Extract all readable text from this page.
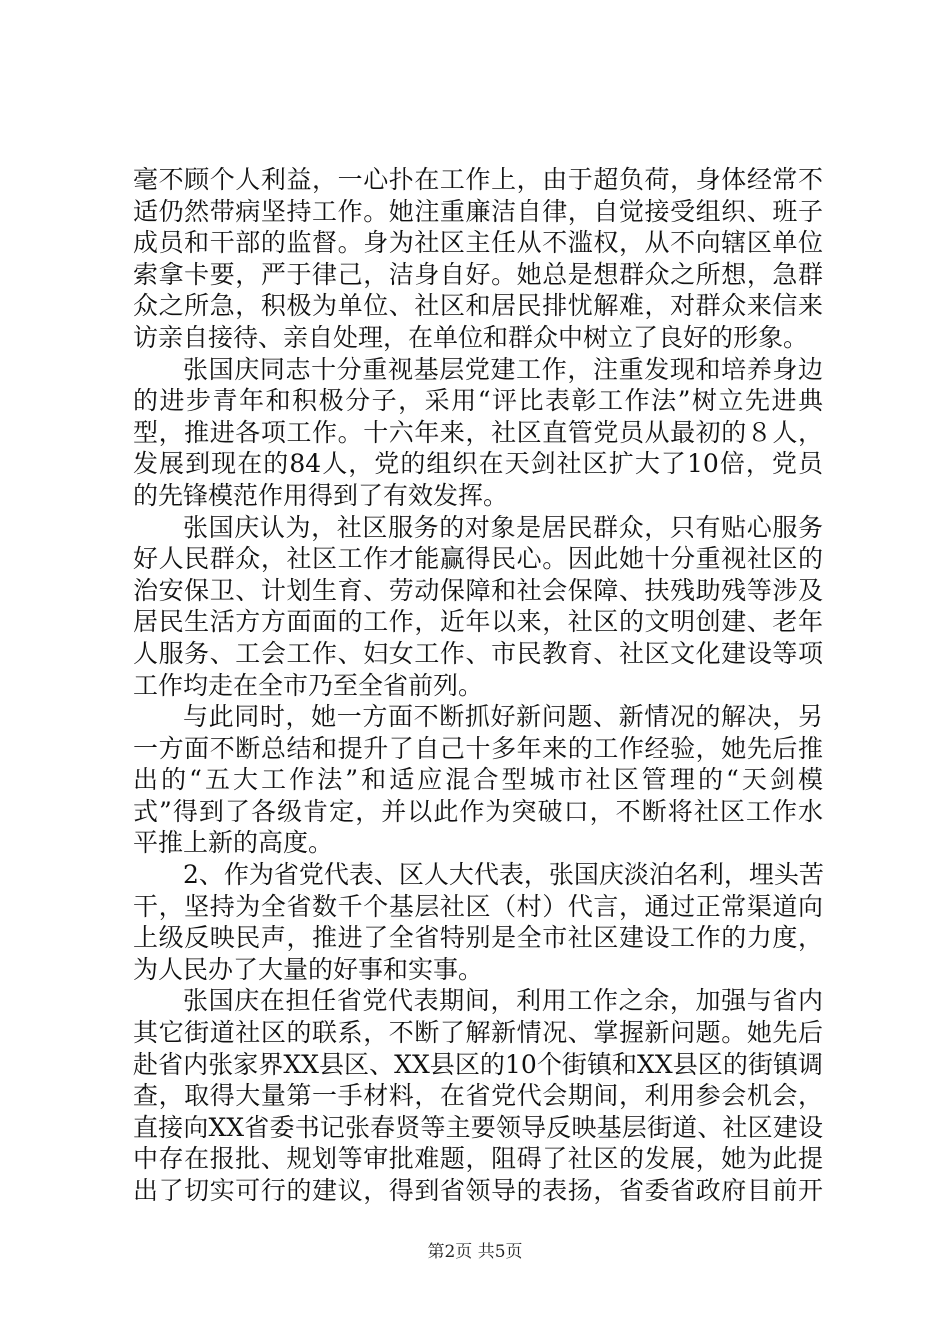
毫不顾个人利益，一心扑在工作上，由于超负荷，身体经常不
适仍然带病坚持工作。她注重廉洁自律，自觉接受组织、班子
成员和干部的监督。身为社区主任从不滥权，从不向辖区单位
索拿卡要，严于律己，洁身自好。她总是想群众之所想，急群
众之所急，积极为单位、社区和居民排忧解难，对群众来信来
访亲自接待、亲自处理，在单位和群众中树立了良好的形象。
张国庆同志十分重视基层党建工作，注重发现和培养身边
的进步青年和积极分子，采用“评比表彰工作法”树立先进典
型，推进各项工作。十六年来，社区直管党员从最初的８人，
发展到现在的84人，党的组织在天剑社区扩大了10倍，党员
的先锋模范作用得到了有效发挥。
张国庆认为，社区服务的对象是居民群众，只有贴心服务
好人民群众，社区工作才能赢得民心。因此她十分重视社区的
治安保卫、计划生育、劳动保障和社会保障、扶残助残等涉及
居民生活方方面面的工作，近年以来，社区的文明创建、老年
人服务、工会工作、妇女工作、市民教育、社区文化建设等项
工作均走在全市乃至全省前列。
与此同时，她一方面不断抓好新问题、新情况的解决，另
一方面不断总结和提升了自己十多年来的工作经验，她先后推
出的“五大工作法”和适应混合型城市社区管理的“天剑模
式”得到了各级肯定，并以此作为突破口，不断将社区工作水
平推上新的高度。
2、作为省党代表、区人大代表，张国庆淡泊名利，埋头苦
干，坚持为全省数千个基层社区（村）代言，通过正常渠道向
上级反映民声，推进了全省特别是全市社区建设工作的力度，
为人民办了大量的好事和实事。
张国庆在担任省党代表期间，利用工作之余，加强与省内
其它街道社区的联系，不断了解新情况、掌握新问题。她先后
赴省内张家界XX县区、XX县区的10个街镇和XX县区的街镇调
查，取得大量第一手材料，在省党代会期间，利用参会机会，
直接向XX省委书记张春贤等主要领导反映基层街道、社区建设
中存在报批、规划等审批难题，阻碍了社区的发展，她为此提
出了切实可行的建议，得到省领导的表扬，省委省政府目前开
第2页 共5页
